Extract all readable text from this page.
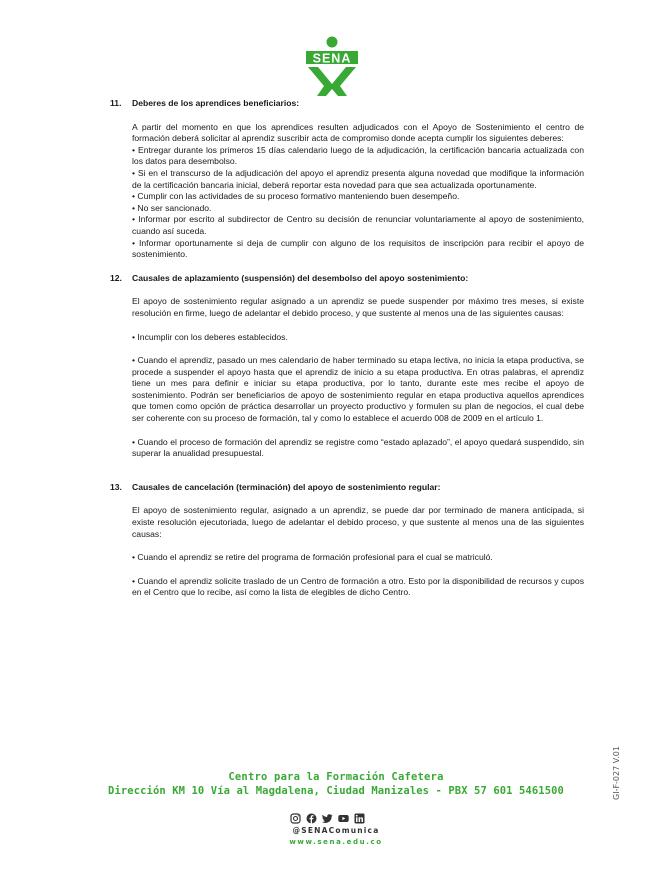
SENA
11.	Deberes de los aprendices beneficiarios:
A partir del momento en que los aprendices resulten adjudicados con el Apoyo de Sostenimiento el centro de formación deberá solicitar al aprendiz suscribir acta de compromiso donde acepta cumplir los siguientes deberes:
• Entregar durante los primeros 15 días calendario luego de la adjudicación, la certificación bancaria actualizada con los datos para desembolso.
• Si en el transcurso de la adjudicación del apoyo el aprendiz presenta alguna novedad que modifique la información de la certificación bancaria inicial, deberá reportar esta novedad para que sea actualizada oportunamente.
• Cumplir con las actividades de su proceso formativo manteniendo buen desempeño.
• No ser sancionado.
• Informar por escrito al subdirector de Centro su decisión de renunciar voluntariamente al apoyo de sostenimiento, cuando así suceda.
• Informar oportunamente si deja de cumplir con alguno de los requisitos de inscripción para recibir el apoyo de sostenimiento.
12.	Causales de aplazamiento (suspensión) del desembolso del apoyo sostenimiento:
El apoyo de sostenimiento regular asignado a un aprendiz se puede suspender por máximo tres meses, si existe resolución en firme, luego de adelantar el debido proceso, y que sustente al menos una de las siguientes causas:
• Incumplir con los deberes establecidos.
• Cuando el aprendiz, pasado un mes calendario de haber terminado su etapa lectiva, no inicia la etapa productiva, se procede a suspender el apoyo hasta que el aprendiz de inicio a su etapa productiva. En otras palabras, el aprendiz tiene un mes para definir e iniciar su etapa productiva, por lo tanto, durante este mes recibe el apoyo de sostenimiento. Podrán ser beneficiarios de apoyo de sostenimiento regular en etapa productiva aquellos aprendices que tomen como opción de práctica desarrollar un proyecto productivo y formulen su plan de negocios, el cual debe ser coherente con su proceso de formación, tal y como lo establece el acuerdo 008 de 2009 en el artículo 1.
• Cuando el proceso de formación del aprendiz se registre como “estado aplazado”, el apoyo quedará suspendido, sin superar la anualidad presupuestal.
13.	Causales de cancelación (terminación) del apoyo de sostenimiento regular:
El apoyo de sostenimiento regular, asignado a un aprendiz, se puede dar por terminado de manera anticipada, si existe resolución ejecutoriada, luego de adelantar el debido proceso, y que sustente al menos una de las siguientes causas:
• Cuando el aprendiz se retire del programa de formación profesional para el cual se matriculó.
• Cuando el aprendiz solicite traslado de un Centro de formación a otro. Esto por la disponibilidad de recursos y cupos en el Centro que lo recibe, así como la lista de elegibles de dicho Centro.
Centro para la Formación Cafetera
Dirección KM 10 Vía al Magdalena, Ciudad Manizales - PBX 57 601 5461500
@SENAComunica
www.sena.edu.co
GI-F-027 V.01
